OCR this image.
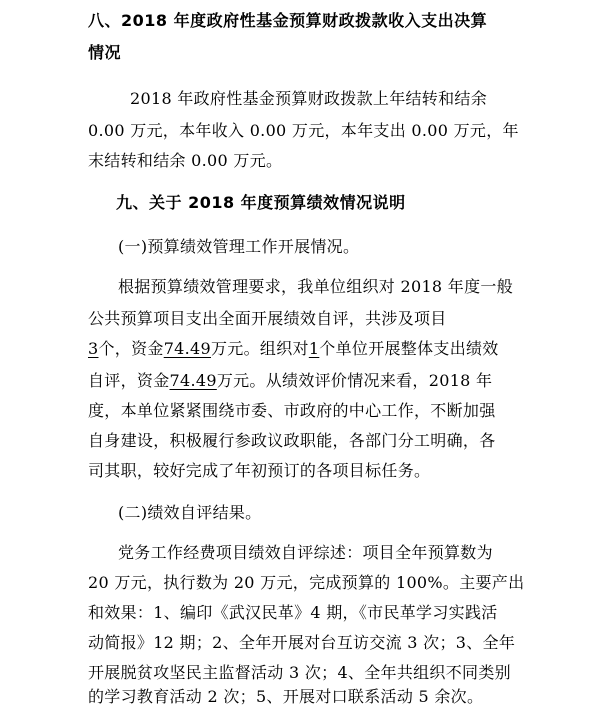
八、2018 年度政府性基金预算财政拨款收入支出决算

情况

2018 年政府性基金预算财政拨款上年结转和结余

0.00 万元，本年收入 0.00 万元，本年支出 0.00 万元，年

末结转和结余 0.00 万元。

九、关于 2018 年度预算绩效情况说明

(一)预算绩效管理工作开展情况。

根据预算绩效管理要求，我单位组织对 2018 年度一般

公共预算项目支出全面开展绩效自评，共涉及项目

3个，资金74.49万元。组织对1个单位开展整体支出绩效

自评，资金74.49万元。从绩效评价情况来看，2018 年

度，本单位紧紧围绕市委、市政府的中心工作，不断加强

自身建设，积极履行参政议政职能，各部门分工明确，各

司其职，较好完成了年初预订的各项目标任务。

(二)绩效自评结果。

党务工作经费项目绩效自评综述：项目全年预算数为

20 万元，执行数为 20 万元，完成预算的 100%。主要产出

和效果：1、编印《武汉民革》4 期，《市民革学习实践活

动简报》12 期；2、全年开展对台互访交流 3 次；3、全年

开展脱贫攻坚民主监督活动 3 次；4、全年共组织不同类别

的学习教育活动 2 次；5、开展对口联系活动 5 余次。
